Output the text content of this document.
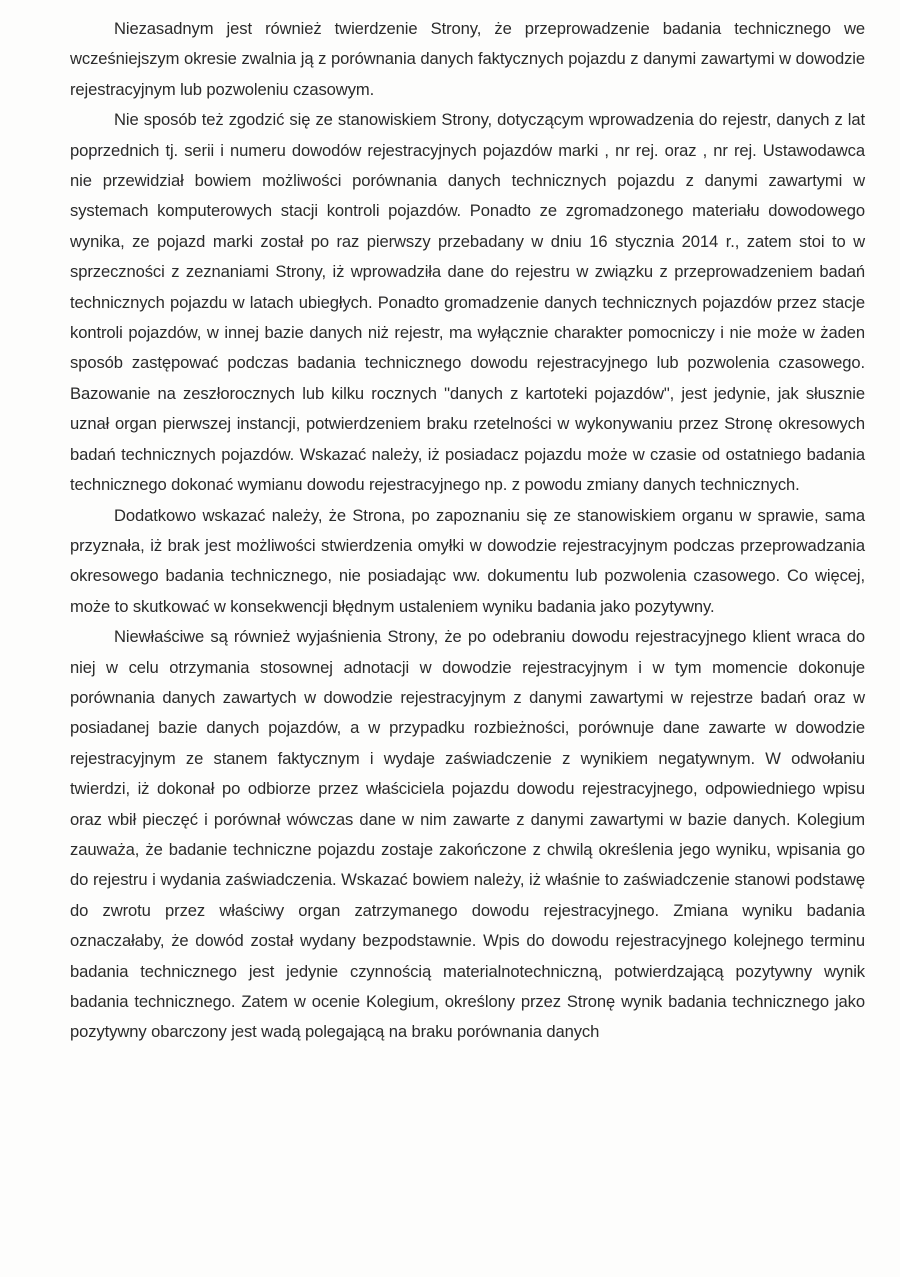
Niezasadnym jest również twierdzenie Strony, że przeprowadzenie badania technicznego we wcześniejszym okresie zwalnia ją z porównania danych faktycznych pojazdu z danymi zawartymi w dowodzie rejestracyjnym lub pozwoleniu czasowym.

Nie sposób też zgodzić się ze stanowiskiem Strony, dotyczącym wprowadzenia do rejestr, danych z lat poprzednich tj. serii i numeru dowodów rejestracyjnych pojazdów marki , nr rej. oraz , nr rej. Ustawodawca nie przewidział bowiem możliwości porównania danych technicznych pojazdu z danymi zawartymi w systemach komputerowych stacji kontroli pojazdów. Ponadto ze zgromadzonego materiału dowodowego wynika, ze pojazd marki został po raz pierwszy przebadany w dniu 16 stycznia 2014 r., zatem stoi to w sprzeczności z zeznaniami Strony, iż wprowadziła dane do rejestru w związku z przeprowadzeniem badań technicznych pojazdu w latach ubiegłych. Ponadto gromadzenie danych technicznych pojazdów przez stacje kontroli pojazdów, w innej bazie danych niż rejestr, ma wyłącznie charakter pomocniczy i nie może w żaden sposób zastępować podczas badania technicznego dowodu rejestracyjnego lub pozwolenia czasowego. Bazowanie na zeszłorocznych lub kilku rocznych "danych z kartoteki pojazdów", jest jedynie, jak słusznie uznał organ pierwszej instancji, potwierdzeniem braku rzetelności w wykonywaniu przez Stronę okresowych badań technicznych pojazdów. Wskazać należy, iż posiadacz pojazdu może w czasie od ostatniego badania technicznego dokonać wymianu dowodu rejestracyjnego np. z powodu zmiany danych technicznych.

Dodatkowo wskazać należy, że Strona, po zapoznaniu się ze stanowiskiem organu w sprawie, sama przyznała, iż brak jest możliwości stwierdzenia omyłki w dowodzie rejestracyjnym podczas przeprowadzania okresowego badania technicznego, nie posiadając ww. dokumentu lub pozwolenia czasowego. Co więcej, może to skutkować w konsekwencji błędnym ustaleniem wyniku badania jako pozytywny.

Niewłaściwe są również wyjaśnienia Strony, że po odebraniu dowodu rejestracyjnego klient wraca do niej w celu otrzymania stosownej adnotacji w dowodzie rejestracyjnym i w tym momencie dokonuje porównania danych zawartych w dowodzie rejestracyjnym z danymi zawartymi w rejestrze badań oraz w posiadanej bazie danych pojazdów, a w przypadku rozbieżności, porównuje dane zawarte w dowodzie rejestracyjnym ze stanem faktycznym i wydaje zaświadczenie z wynikiem negatywnym. W odwołaniu twierdzi, iż dokonał po odbiorze przez właściciela pojazdu dowodu rejestracyjnego, odpowiedniego wpisu oraz wbił pieczęć i porównał wówczas dane w nim zawarte z danymi zawartymi w bazie danych. Kolegium zauważa, że badanie techniczne pojazdu zostaje zakończone z chwilą określenia jego wyniku, wpisania go do rejestru i wydania zaświadczenia. Wskazać bowiem należy, iż właśnie to zaświadczenie stanowi podstawę do zwrotu przez właściwy organ zatrzymanego dowodu rejestracyjnego. Zmiana wyniku badania oznaczałaby, że dowód został wydany bezpodstawnie. Wpis do dowodu rejestracyjnego kolejnego terminu badania technicznego jest jedynie czynnością materialnotechniczną, potwierdzającą pozytywny wynik badania technicznego. Zatem w ocenie Kolegium, określony przez Stronę wynik badania technicznego jako pozytywny obarczony jest wadą polegającą na braku porównania danych
